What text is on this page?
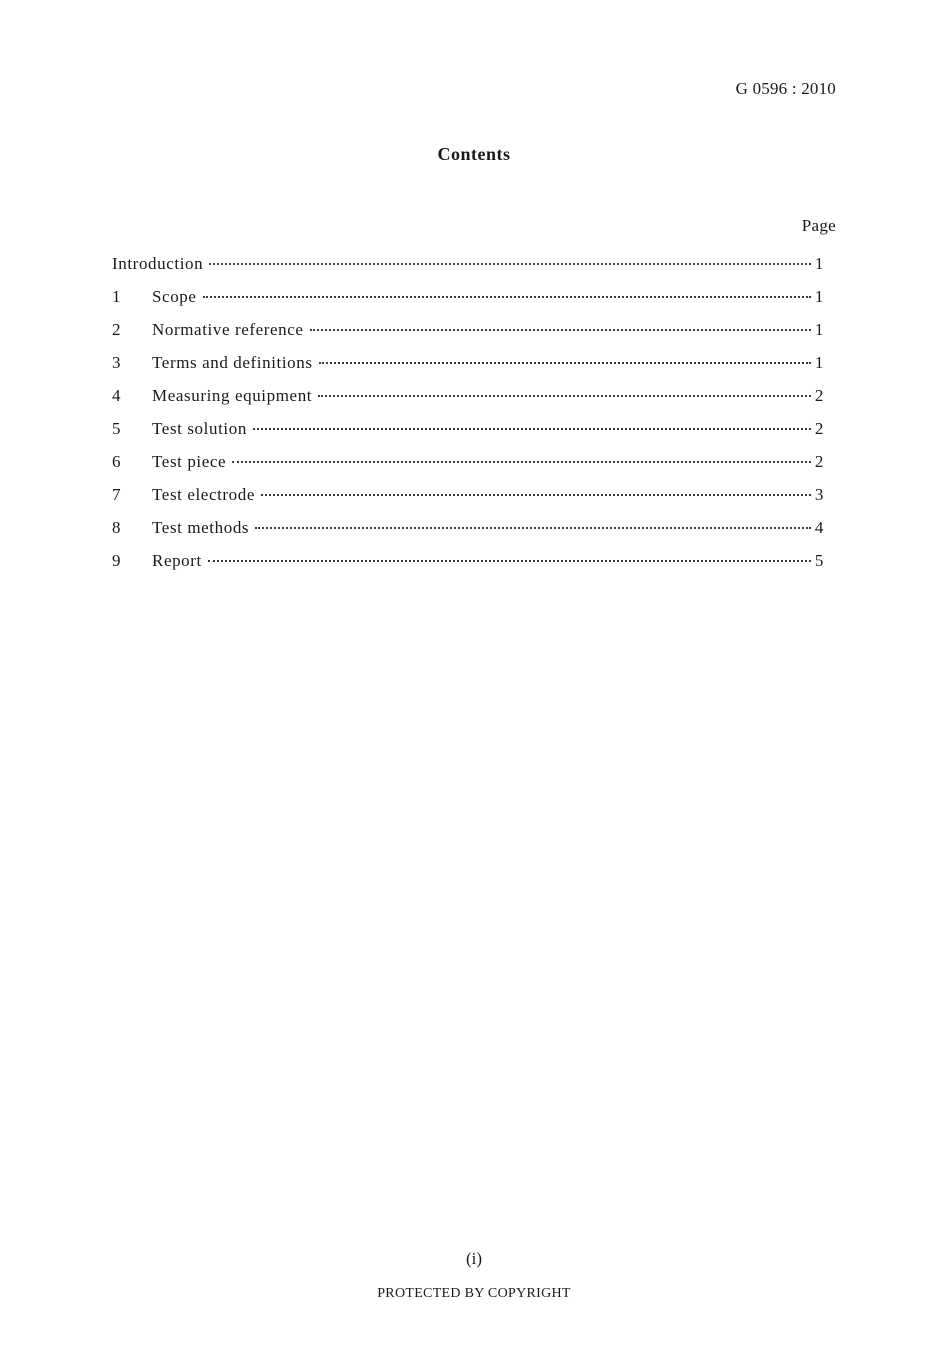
G 0596 : 2010
Contents
Page
Introduction	1
1	Scope	1
2	Normative reference	1
3	Terms and definitions	1
4	Measuring equipment	2
5	Test solution	2
6	Test piece	2
7	Test electrode	3
8	Test methods	4
9	Report	5
(i)
PROTECTED BY COPYRIGHT
